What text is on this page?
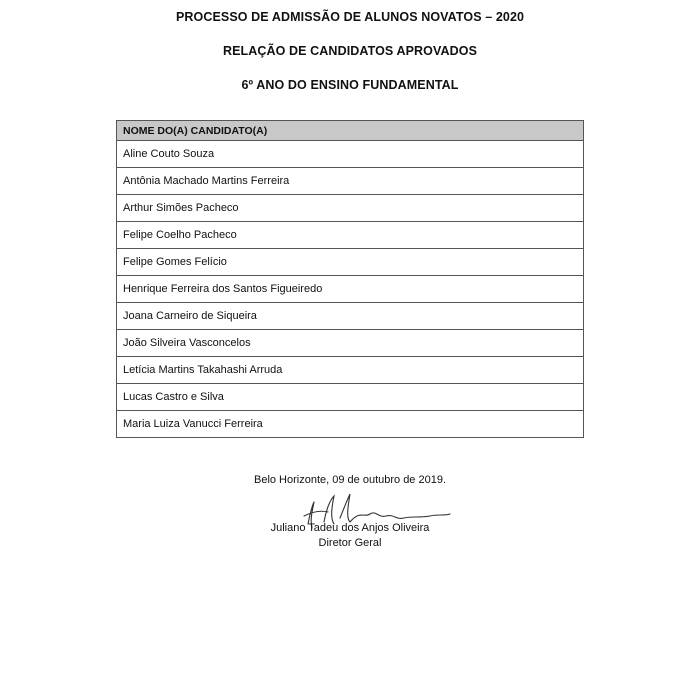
PROCESSO DE ADMISSÃO DE ALUNOS NOVATOS – 2020
RELAÇÃO DE CANDIDATOS APROVADOS
6º ANO DO ENSINO FUNDAMENTAL
NOME DO(A) CANDIDATO(A)
Aline Couto Souza
Antônia Machado Martins Ferreira
Arthur Simões Pacheco
Felipe Coelho Pacheco
Felipe Gomes Felício
Henrique Ferreira dos Santos Figueiredo
Joana Carneiro de Siqueira
João Silveira Vasconcelos
Letícia Martins Takahashi Arruda
Lucas Castro e Silva
Maria Luiza Vanucci Ferreira
Belo Horizonte, 09 de outubro de 2019.
Juliano Tadeu dos Anjos Oliveira
Diretor Geral
